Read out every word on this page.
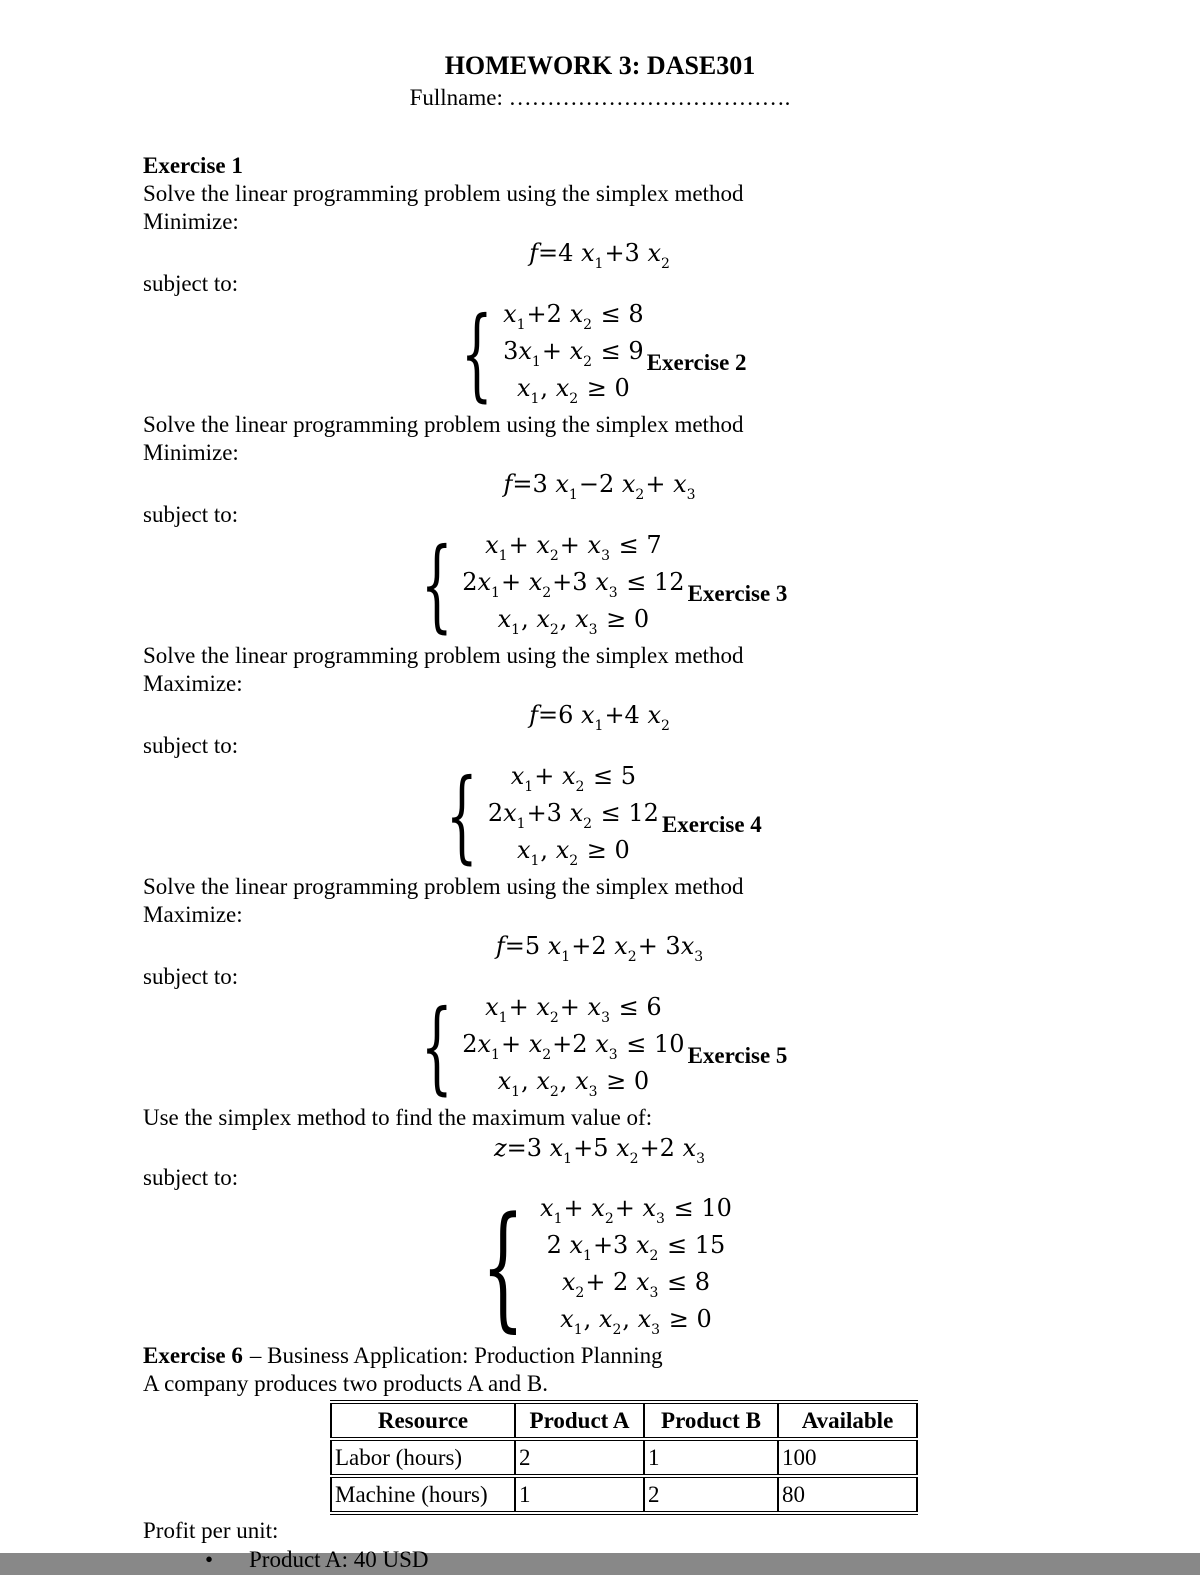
HOMEWORK 3: DASE301
Fullname: ……………………………….
Exercise 1
Solve the linear programming problem using the simplex method
Minimize:
f=4 $x_1+3$ $x_2$
subject to:
{ $x_1+2$ $x_2 \le 8$
$3x_1+ x_2 \le 9$
$x_1$, $x_2 \ge 0$
Exercise 2
Solve the linear programming problem using the simplex method
Minimize:
f=3 $x_1-2$ $x_2+ x_3$
subject to:
{ $x_1+ x_2+ x_3 \le 7$
$2x_1+ x_2+3$ $x_3 \le 12$
$x_1$, $x_2$, $x_3 \ge 0$
Exercise 3
Solve the linear programming problem using the simplex method
Maximize:
f=6 $x_1+4$ $x_2$
subject to:
{ $x_1+ x_2 \le 5$
$2x_1+3$ $x_2 \le 12$
$x_1$, $x_2 \ge 0$
Exercise 4
Solve the linear programming problem using the simplex method
Maximize:
f=5 $x_1+2$ $x_2+ 3x_3$
subject to:
{ $x_1+ x_2+ x_3 \le 6$
$2x_1+ x_2+2$ $x_3 \le 10$
$x_1$, $x_2$, $x_3 \ge 0$
Exercise 5
Use the simplex method to find the maximum value of:
z=3 $x_1+5$ $x_2+2$ $x_3$
subject to:
{ $x_1+ x_2+ x_3 \le 10$
2 $x_1+3$ $x_2 \le 15$
$x_2+ 2$ $x_3 \le 8$
$x_1$, $x_2$, $x_3 \ge 0$
Exercise 6 – Business Application: Production Planning
A company produces two products A and B.
Resource	Product A	Product B	Available
Labor (hours)	2	1	100
Machine (hours)	1	2	80
Profit per unit:
• Product A: 40 USD
